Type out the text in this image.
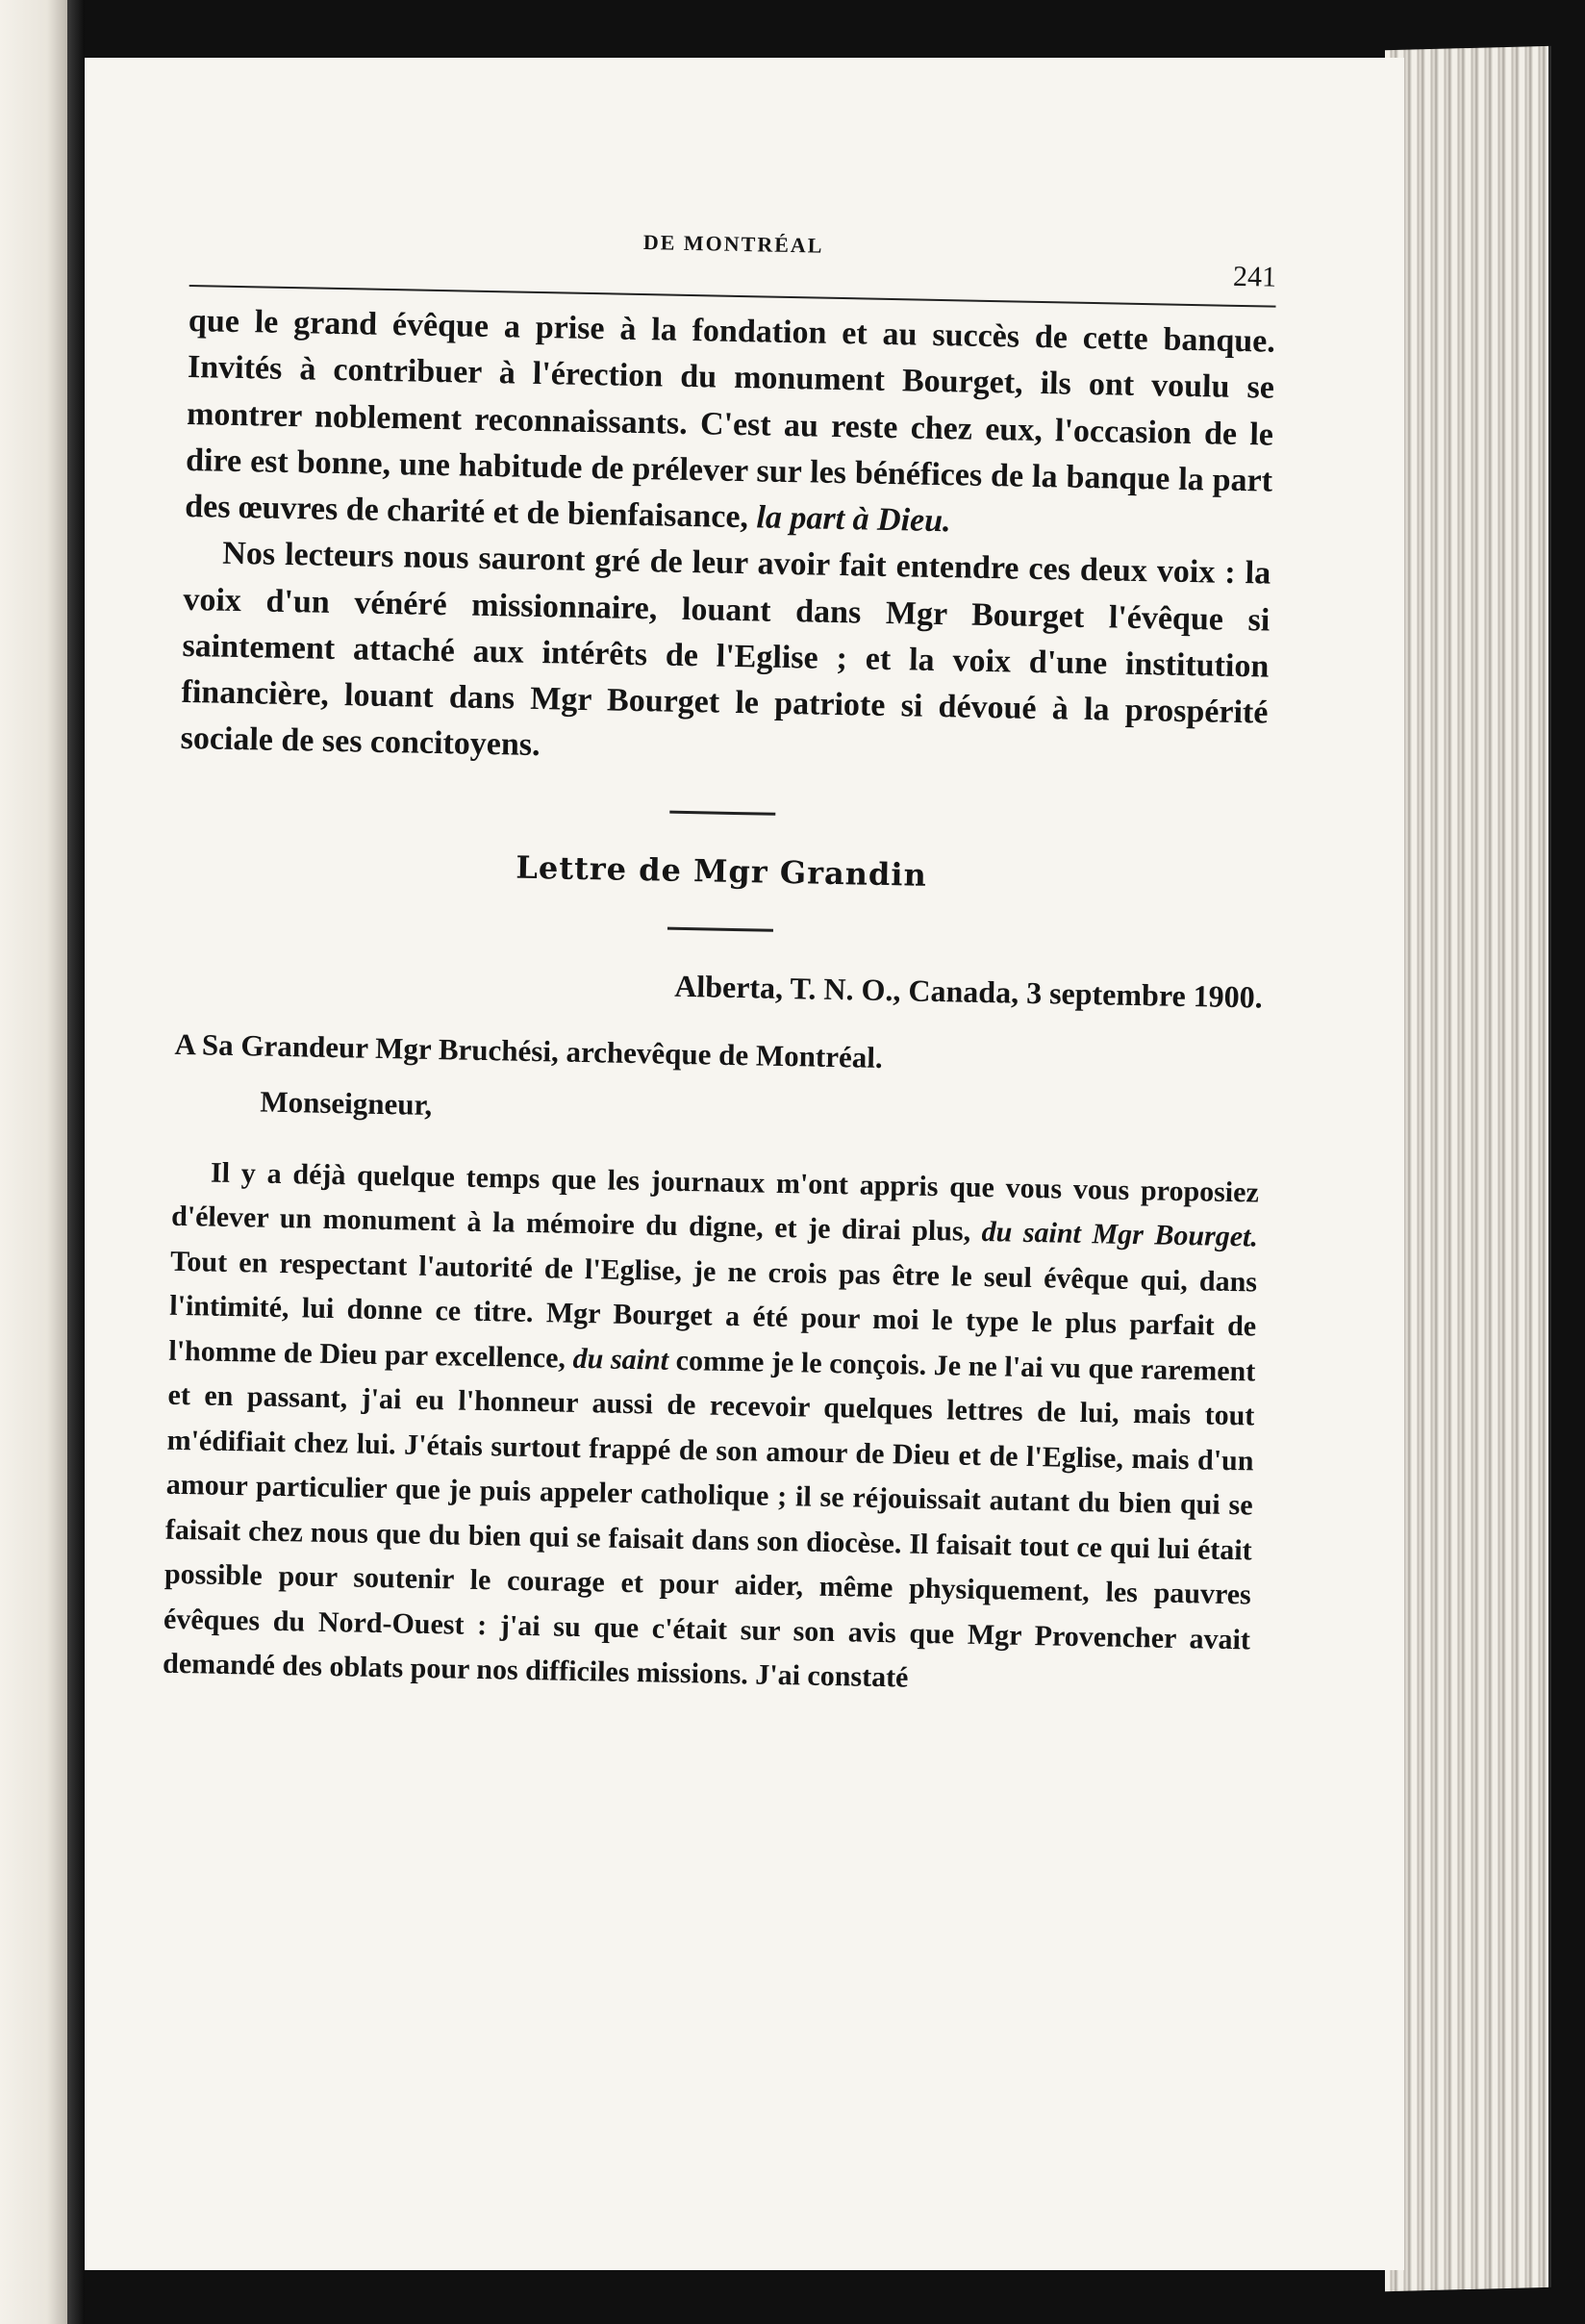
DE MONTRÉAL
241

que le grand évêque a prise à la fondation et au succès de cette banque. Invités à contribuer à l'érection du monument Bourget, ils ont voulu se montrer noblement reconnaissants. C'est au reste chez eux, l'occasion de le dire est bonne, une habitude de prélever sur les bénéfices de la banque la part des œuvres de charité et de bienfaisance, la part à Dieu.

Nos lecteurs nous sauront gré de leur avoir fait entendre ces deux voix : la voix d'un vénéré missionnaire, louant dans Mgr Bourget l'évêque si saintement attaché aux intérêts de l'Eglise ; et la voix d'une institution financière, louant dans Mgr Bourget le patriote si dévoué à la prospérité sociale de ses concitoyens.

Lettre de Mgr Grandin
Alberta, T. N. O., Canada, 3 septembre 1900.
A Sa Grandeur Mgr Bruchési, archevêque de Montréal.
Monseigneur,

Il y a déjà quelque temps que les journaux m'ont appris que vous vous proposiez d'élever un monument à la mémoire du digne, et je dirai plus, du saint Mgr Bourget. Tout en respectant l'autorité de l'Eglise, je ne crois pas être le seul évêque qui, dans l'intimité, lui donne ce titre. Mgr Bourget a été pour moi le type le plus parfait de l'homme de Dieu par excellence, du saint comme je le conçois. Je ne l'ai vu que rarement et en passant, j'ai eu l'honneur aussi de recevoir quelques lettres de lui, mais tout m'édifiait chez lui. J'étais surtout frappé de son amour de Dieu et de l'Eglise, mais d'un amour particulier que je puis appeler catholique ; il se réjouissait autant du bien qui se faisait chez nous que du bien qui se faisait dans son diocèse. Il faisait tout ce qui lui était possible pour soutenir le courage et pour aider, même physiquement, les pauvres évêques du Nord-Ouest : j'ai su que c'était sur son avis que Mgr Provencher avait demandé des oblats pour nos difficiles missions. J'ai constaté
